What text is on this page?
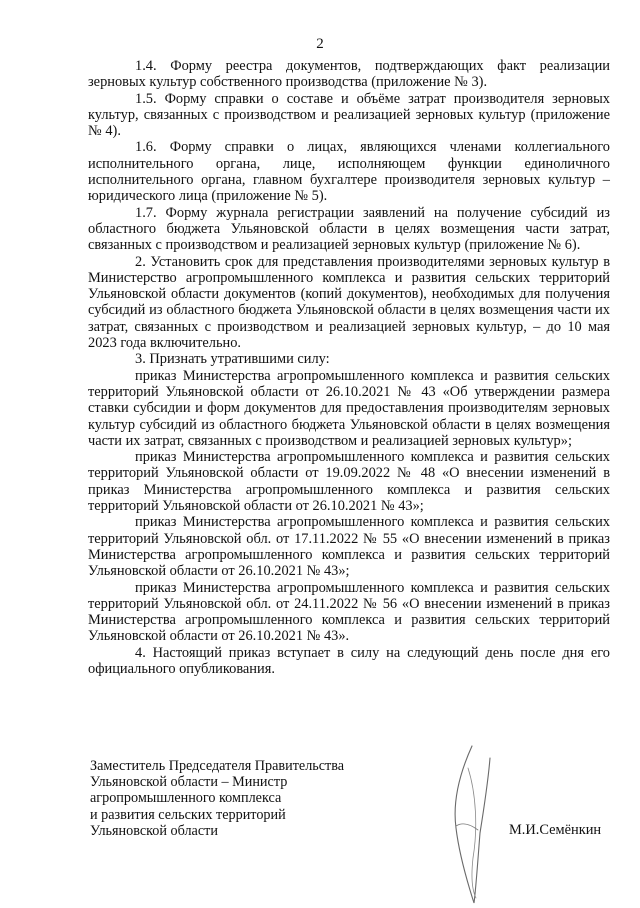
2

1.4. Форму реестра документов, подтверждающих факт реализации зерновых культур собственного производства (приложение № 3).

1.5. Форму справки о составе и объёме затрат производителя зерновых культур, связанных с производством и реализацией зерновых культур (приложение № 4).

1.6. Форму справки о лицах, являющихся членами коллегиального исполнительного органа, лице, исполняющем функции единоличного исполнительного органа, главном бухгалтере производителя зерновых культур – юридического лица (приложение № 5).

1.7. Форму журнала регистрации заявлений на получение субсидий из областного бюджета Ульяновской области в целях возмещения части затрат, связанных с производством и реализацией зерновых культур (приложение № 6).

2. Установить срок для представления производителями зерновых культур в Министерство агропромышленного комплекса и развития сельских территорий Ульяновской области документов (копий документов), необходимых для получения субсидий из областного бюджета Ульяновской области в целях возмещения части их затрат, связанных с производством и реализацией зерновых культур, – до 10 мая 2023 года включительно.

3. Признать утратившими силу:

приказ Министерства агропромышленного комплекса и развития сельских территорий Ульяновской области от 26.10.2021 № 43 «Об утверждении размера ставки субсидии и форм документов для предоставления производителям зерновых культур субсидий из областного бюджета Ульяновской области в целях возмещения части их затрат, связанных с производством и реализацией зерновых культур»;

приказ Министерства агропромышленного комплекса и развития сельских территорий Ульяновской области от 19.09.2022 № 48 «О внесении изменений в приказ Министерства агропромышленного комплекса и развития сельских территорий Ульяновской области от 26.10.2021 № 43»;

приказ Министерства агропромышленного комплекса и развития сельских территорий Ульяновской обл. от 17.11.2022 № 55 «О внесении изменений в приказ Министерства агропромышленного комплекса и развития сельских территорий Ульяновской области от 26.10.2021 № 43»;

приказ Министерства агропромышленного комплекса и развития сельских территорий Ульяновской обл. от 24.11.2022 № 56 «О внесении изменений в приказ Министерства агропромышленного комплекса и развития сельских территорий Ульяновской области от 26.10.2021 № 43».

4. Настоящий приказ вступает в силу на следующий день после дня его официального опубликования.

Заместитель Председателя Правительства
Ульяновской области – Министр
агропромышленного комплекса
и развития сельских территорий
Ульяновской области	М.И.Семёнкин
